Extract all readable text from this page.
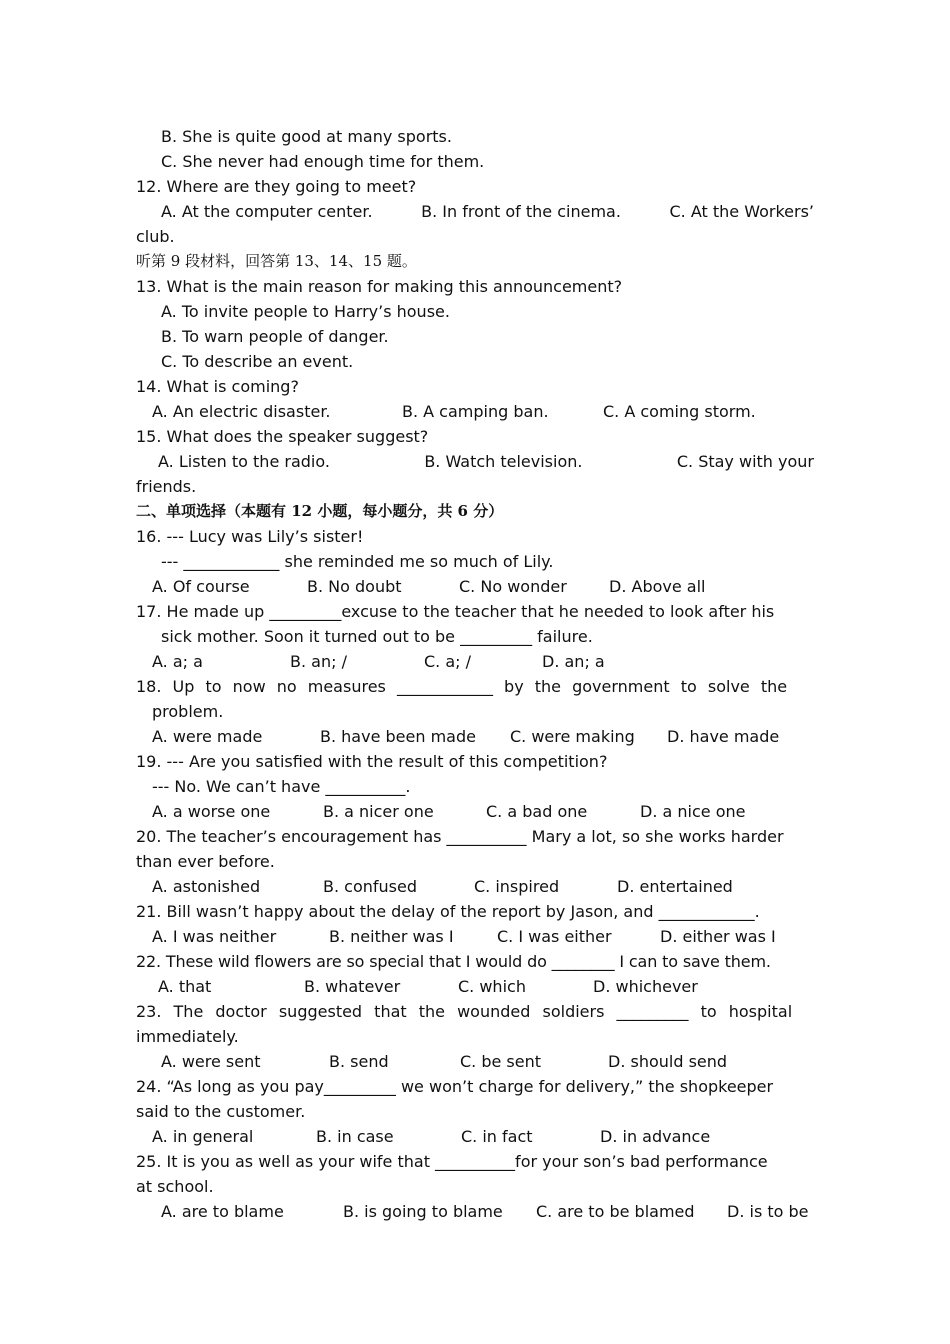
B. She is quite good at many sports.
C. She never had enough time for them.
12. Where are they going to meet?
A. At the computer center.	B. In front of the cinema.	C. At the Workers’
club.
听第 9 段材料，回答第 13、14、15 题。
13. What is the main reason for making this announcement?
A. To invite people to Harry’s house.
B. To warn people of danger.
C. To describe an event.
14. What is coming?
A. An electric disaster.	B. A camping ban.	C. A coming storm.
15. What does the speaker suggest?
A. Listen to the radio.	B. Watch television.	C. Stay with your
friends.
二、单项选择（本题有 12 小题，每小题分，共 6 分）
16. --- Lucy was Lily’s sister!
--- ____________ she reminded me so much of Lily.
A. Of course	B. No doubt	C. No wonder	D. Above all
17. He made up _________excuse to the teacher that he needed to look after his
sick mother. Soon it turned out to be _________ failure.
A. a; a	B. an; /	C. a; /	D. an; a
18. Up to now no measures ____________ by the government to solve the
problem.
A. were made	B. have been made C. were making D. have made
19. --- Are you satisfied with the result of this competition?
--- No. We can’t have __________.
A. a worse one	B. a nicer one	C. a bad one	D. a nice one
20. The teacher’s encouragement has __________ Mary a lot, so she works harder
than ever before.
A. astonished	B. confused	C. inspired	D. entertained
21. Bill wasn’t happy about the delay of the report by Jason, and ____________.
A. I was neither	B. neither was I	C. I was either	D. either was I
22. These wild flowers are so special that I would do ________ I can to save them.
A. that	B. whatever	C. which	D. whichever
23. The doctor suggested that the wounded soldiers _________ to hospital
immediately.
A. were sent	B. send	C. be sent	D. should send
24. “As long as you pay_________ we won’t charge for delivery,” the shopkeeper
said to the customer.
A. in general	B. in case	C. in fact	D. in advance
25. It is you as well as your wife that __________for your son’s bad performance
at school.
A. are to blame	B. is going to blame C. are to be blamed D. is to be
